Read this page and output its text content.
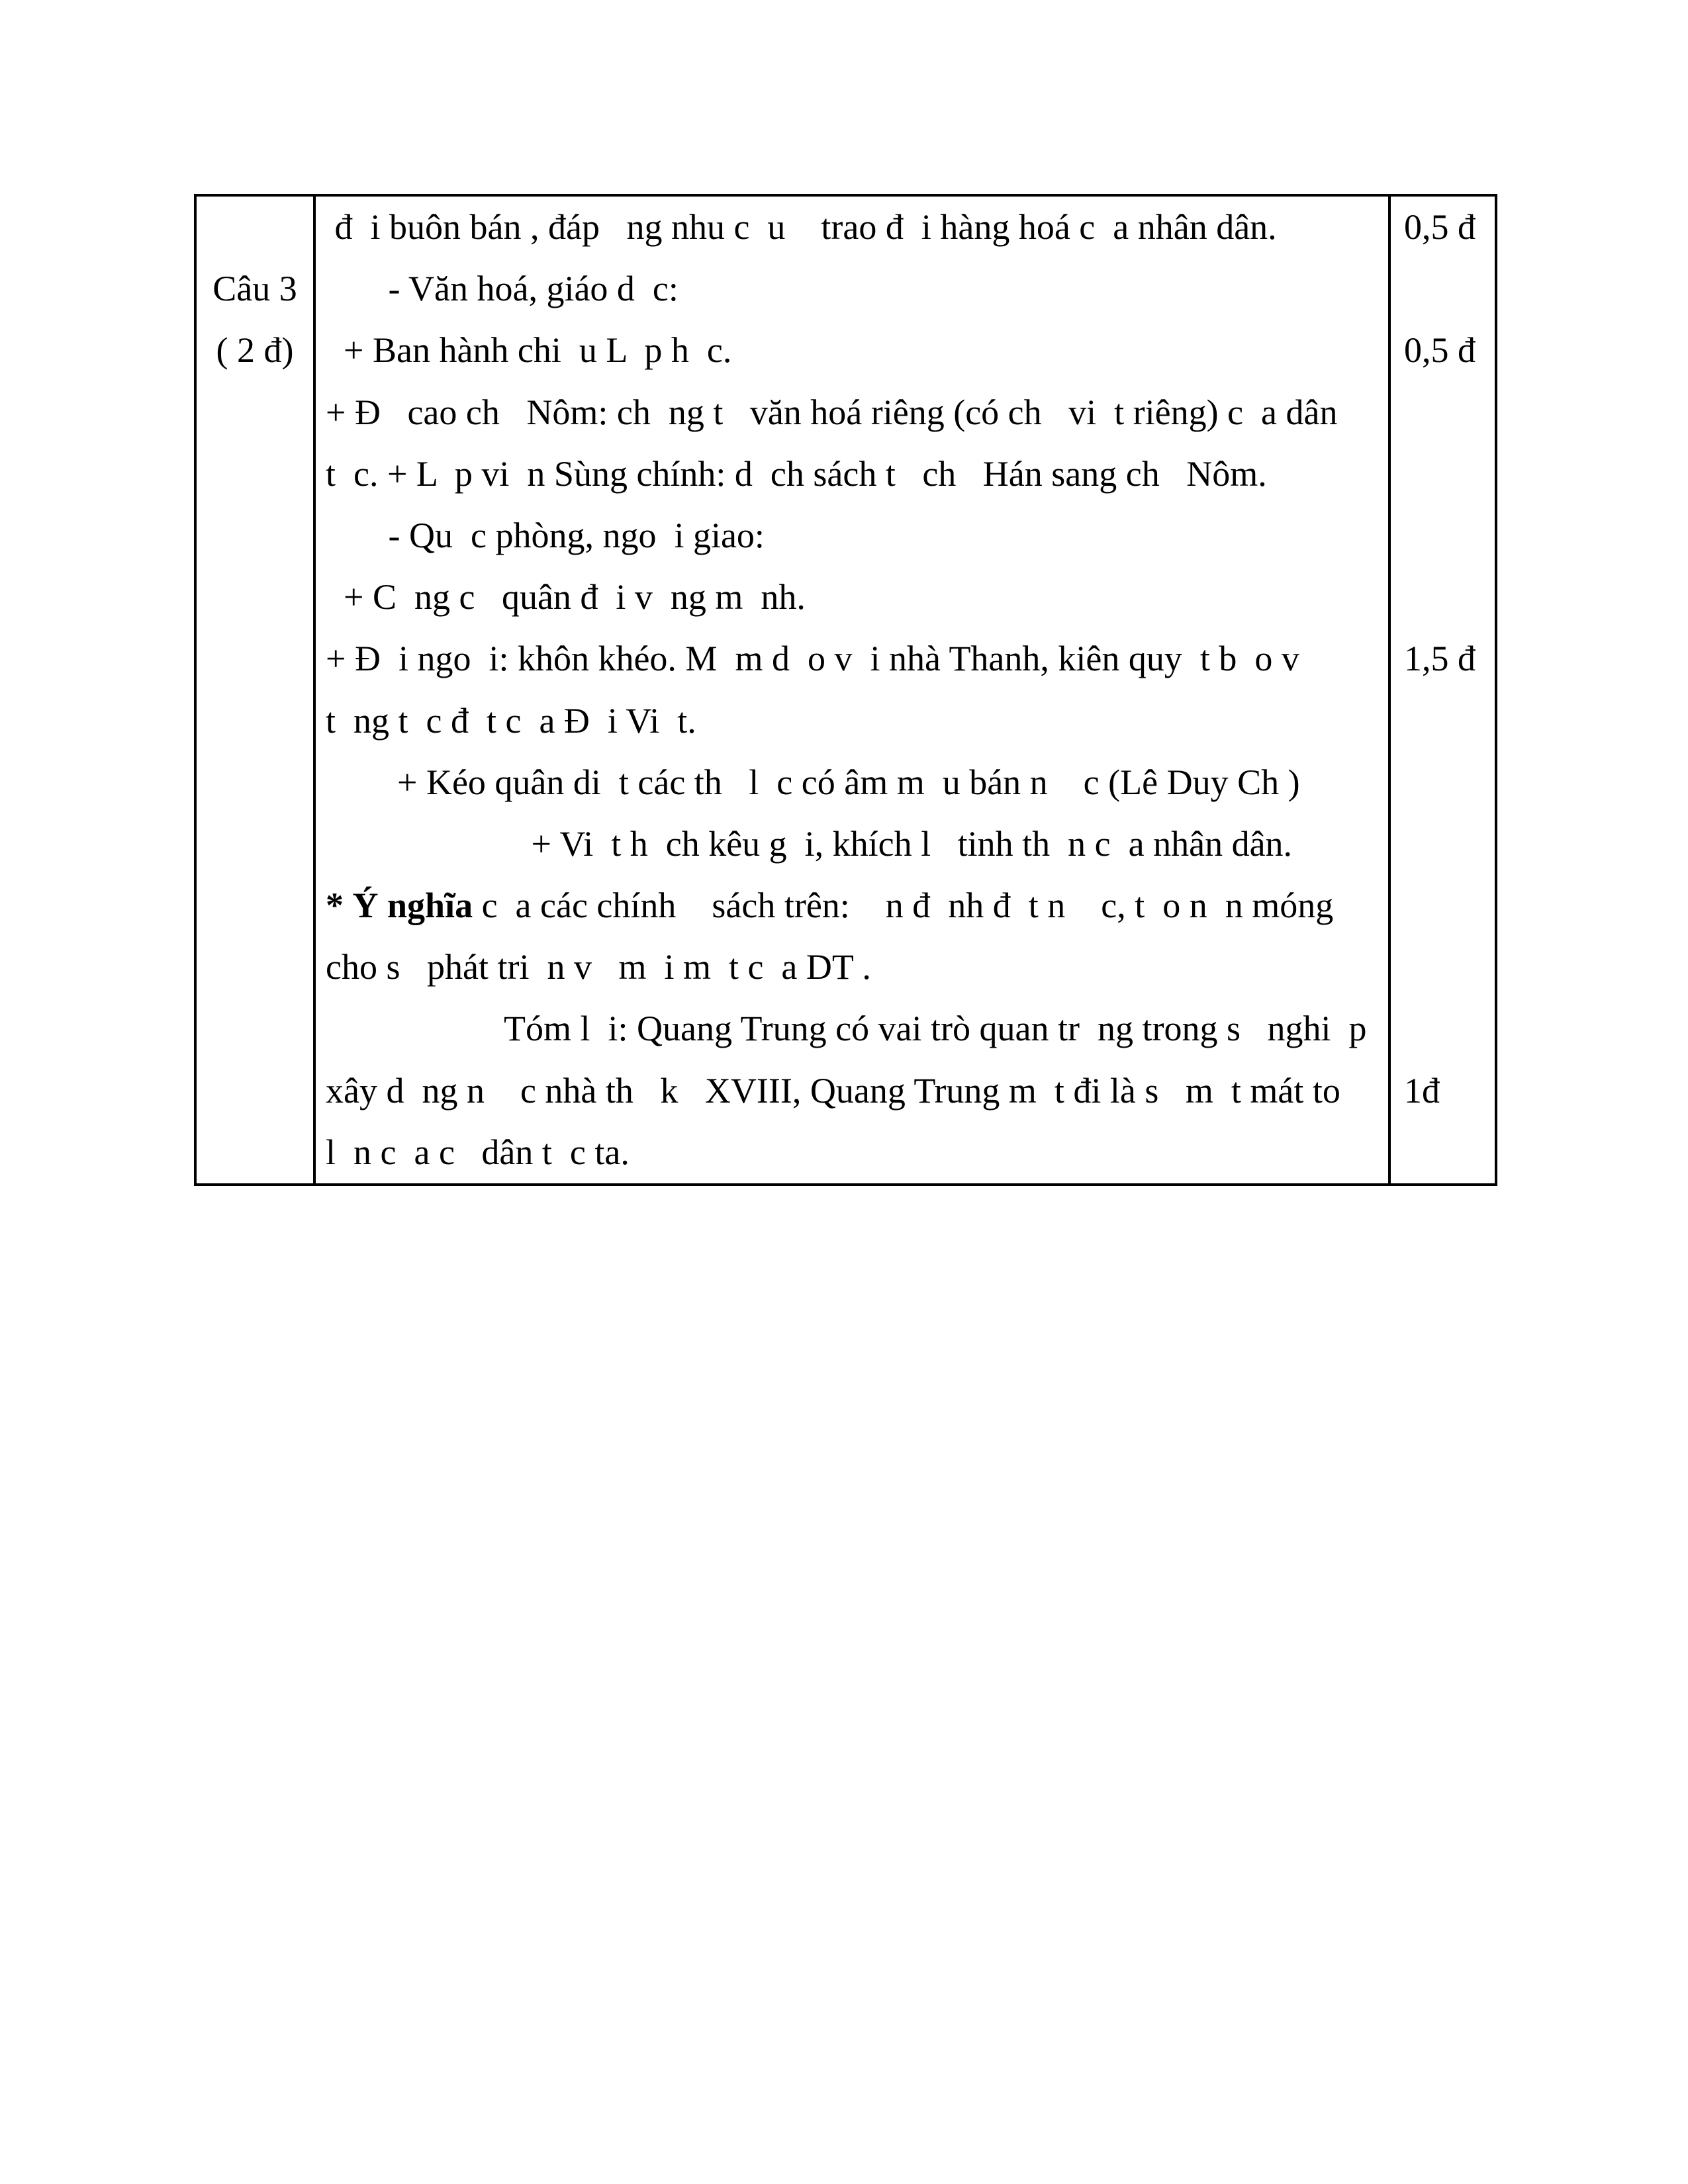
Câu 3
( 2 đ)
đ  i buôn bán , đáp   ng nhu c  u    trao đ  i hàng hoá c  a nhân dân.
- Văn hoá, giáo d  c:
+ Ban hành chi  u L  p h  c.
+ Đ   cao ch   Nôm: ch  ng t   văn hoá riêng (có ch   vi  t riêng) c  a dân
t  c. + L  p vi  n Sùng chính: d  ch sách t   ch   Hán sang ch   Nôm.
- Qu  c phòng, ngo  i giao:
+ C  ng c   quân đ  i v  ng m  nh.
+ Đ  i ngo  i: khôn khéo. M  m d  o v  i nhà Thanh, kiên quy  t b  o v
t  ng t  c đ  t c  a Đ  i Vi  t.
+ Kéo quân di  t các th   l  c có âm m  u bán n    c (Lê Duy Ch )
+ Vi  t h  ch kêu g  i, khích l   tinh th  n c  a nhân dân.
* Ý nghĩa c  a các chính    sách trên:    n đ  nh đ  t n    c, t  o n  n móng
cho s   phát tri  n v   m  i m  t c  a DT .
Tóm l  i: Quang Trung có vai trò quan tr  ng trong s   nghi  p
xây d  ng n    c nhà th   k   XVIII, Quang Trung m  t đi là s   m  t mát to
l  n c  a c   dân t  c ta.
0,5 đ
0,5 đ
1,5 đ
1đ
